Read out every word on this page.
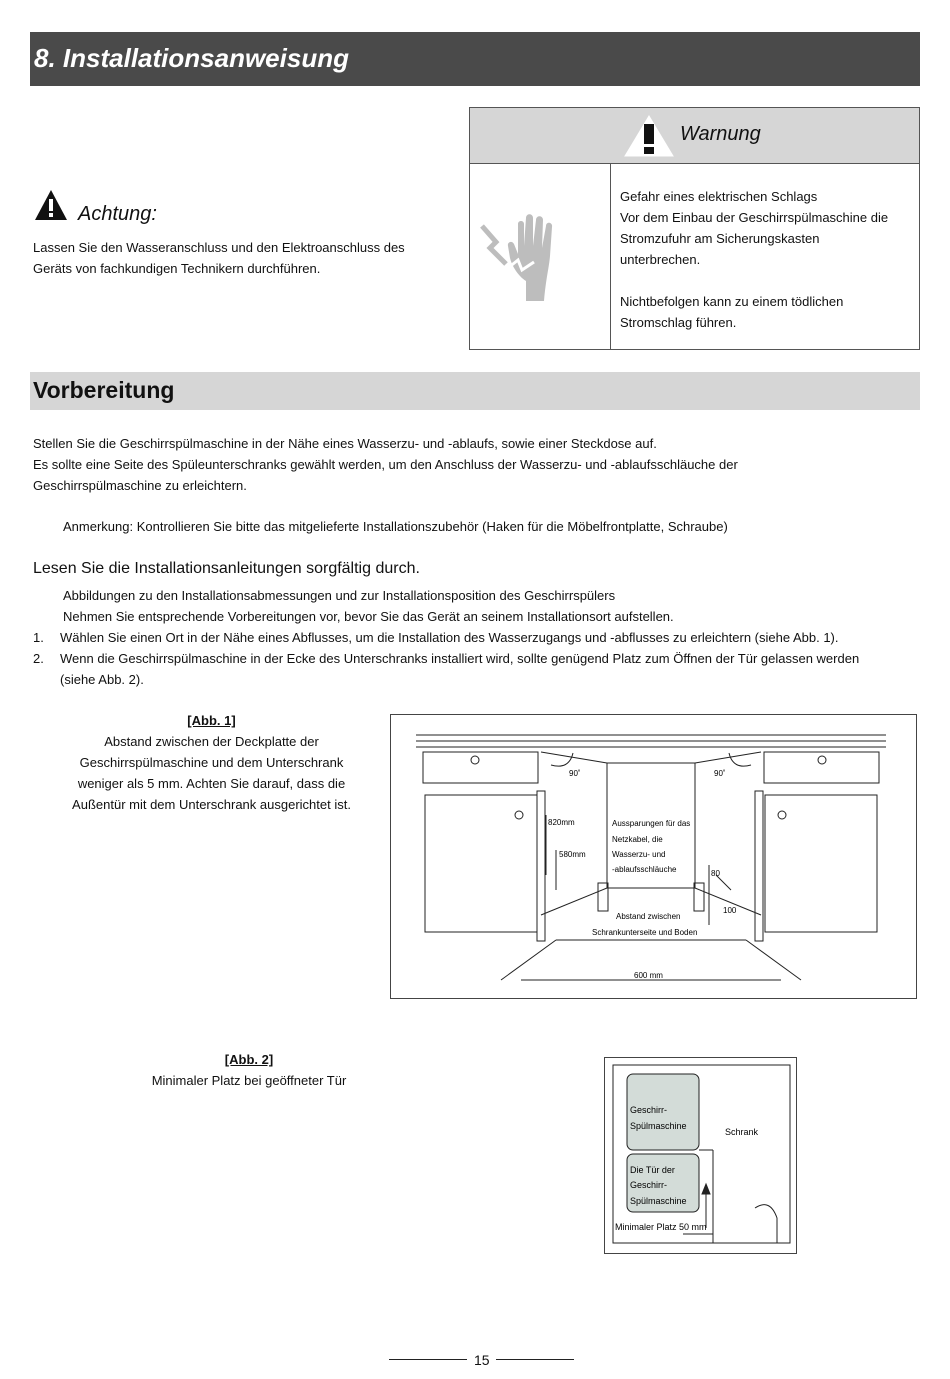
8. Installationsanweisung
Achtung:
Lassen Sie den Wasseranschluss und den Elektroanschluss des
Geräts von fachkundigen Technikern durchführen.
Warnung
Gefahr eines elektrischen Schlags
Vor dem Einbau der Geschirrspülmaschine die
Stromzufuhr am Sicherungskasten
unterbrechen.
Nichtbefolgen kann zu einem tödlichen
Stromschlag führen.
Vorbereitung
Stellen Sie die Geschirrspülmaschine in der Nähe eines Wasserzu- und -ablaufs, sowie einer Steckdose auf.
Es sollte eine Seite des Spüleunterschranks gewählt werden, um den Anschluss der Wasserzu- und -ablaufsschläuche der
Geschirrspülmaschine zu erleichtern.
Anmerkung: Kontrollieren Sie bitte das mitgelieferte Installationszubehör (Haken für die Möbelfrontplatte, Schraube)
Lesen Sie die Installationsanleitungen sorgfältig durch.
Abbildungen zu den Installationsabmessungen und zur Installationsposition des Geschirrspülers
Nehmen Sie entsprechende Vorbereitungen vor, bevor Sie das Gerät an seinem Installationsort aufstellen.
1. Wählen Sie einen Ort in der Nähe eines Abflusses, um die Installation des Wasserzugangs und -abflusses zu erleichtern (siehe Abb. 1).
2. Wenn die Geschirrspülmaschine in der Ecke des Unterschranks installiert wird, sollte genügend Platz zum Öffnen der Tür gelassen werden
(siehe Abb. 2).
[Abb. 1]
Abstand zwischen der Deckplatte der
Geschirrspülmaschine und dem Unterschrank
weniger als 5 mm. Achten Sie darauf, dass die
Außentür mit dem Unterschrank ausgerichtet ist.
90˚	90˚
820mm
580mm
Aussparungen für das
Netzkabel, die
Wasserzu- und
-ablaufsschläuche	80
100
Abstand zwischen
Schrankunterseite und Boden
600 mm
[Abb. 2]
Minimaler Platz bei geöffneter Tür
Geschirr-
Spülmaschine
Schrank
Die Tür der
Geschirr-
Spülmaschine
Minimaler Platz 50 mm
15
